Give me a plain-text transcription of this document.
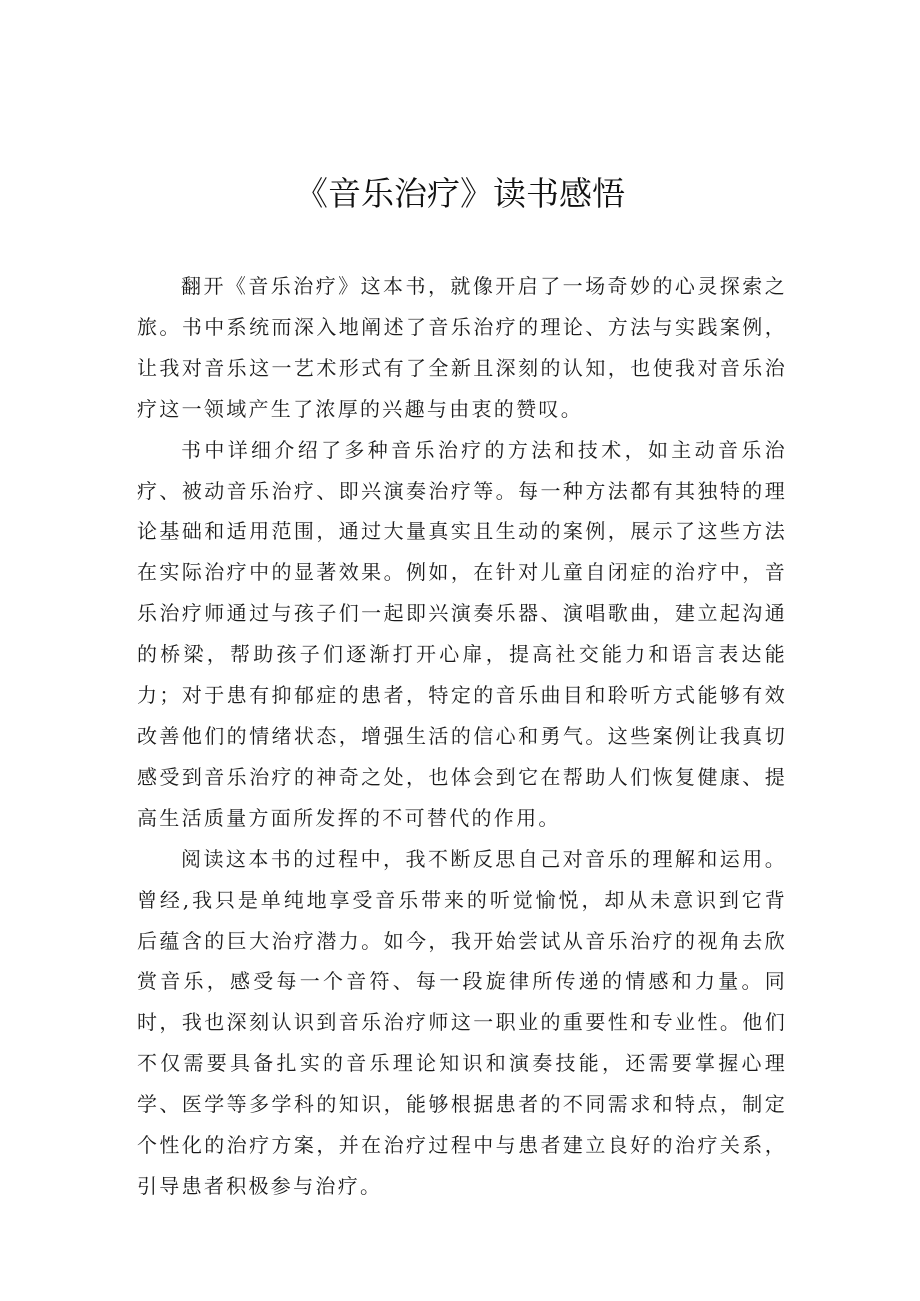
《音乐治疗》读书感悟

翻开《音乐治疗》这本书，就像开启了一场奇妙的心灵探索之旅。书中系统而深入地阐述了音乐治疗的理论、方法与实践案例，让我对音乐这一艺术形式有了全新且深刻的认知，也使我对音乐治疗这一领域产生了浓厚的兴趣与由衷的赞叹。

书中详细介绍了多种音乐治疗的方法和技术，如主动音乐治疗、被动音乐治疗、即兴演奏治疗等。每一种方法都有其独特的理论基础和适用范围，通过大量真实且生动的案例，展示了这些方法在实际治疗中的显著效果。例如，在针对儿童自闭症的治疗中，音乐治疗师通过与孩子们一起即兴演奏乐器、演唱歌曲，建立起沟通的桥梁，帮助孩子们逐渐打开心扉，提高社交能力和语言表达能力；对于患有抑郁症的患者，特定的音乐曲目和聆听方式能够有效改善他们的情绪状态，增强生活的信心和勇气。这些案例让我真切感受到音乐治疗的神奇之处，也体会到它在帮助人们恢复健康、提高生活质量方面所发挥的不可替代的作用。

阅读这本书的过程中，我不断反思自己对音乐的理解和运用。曾经,我只是单纯地享受音乐带来的听觉愉悦，却从未意识到它背后蕴含的巨大治疗潜力。如今，我开始尝试从音乐治疗的视角去欣赏音乐，感受每一个音符、每一段旋律所传递的情感和力量。同时，我也深刻认识到音乐治疗师这一职业的重要性和专业性。他们不仅需要具备扎实的音乐理论知识和演奏技能，还需要掌握心理学、医学等多学科的知识，能够根据患者的不同需求和特点，制定个性化的治疗方案，并在治疗过程中与患者建立良好的治疗关系，引导患者积极参与治疗。
